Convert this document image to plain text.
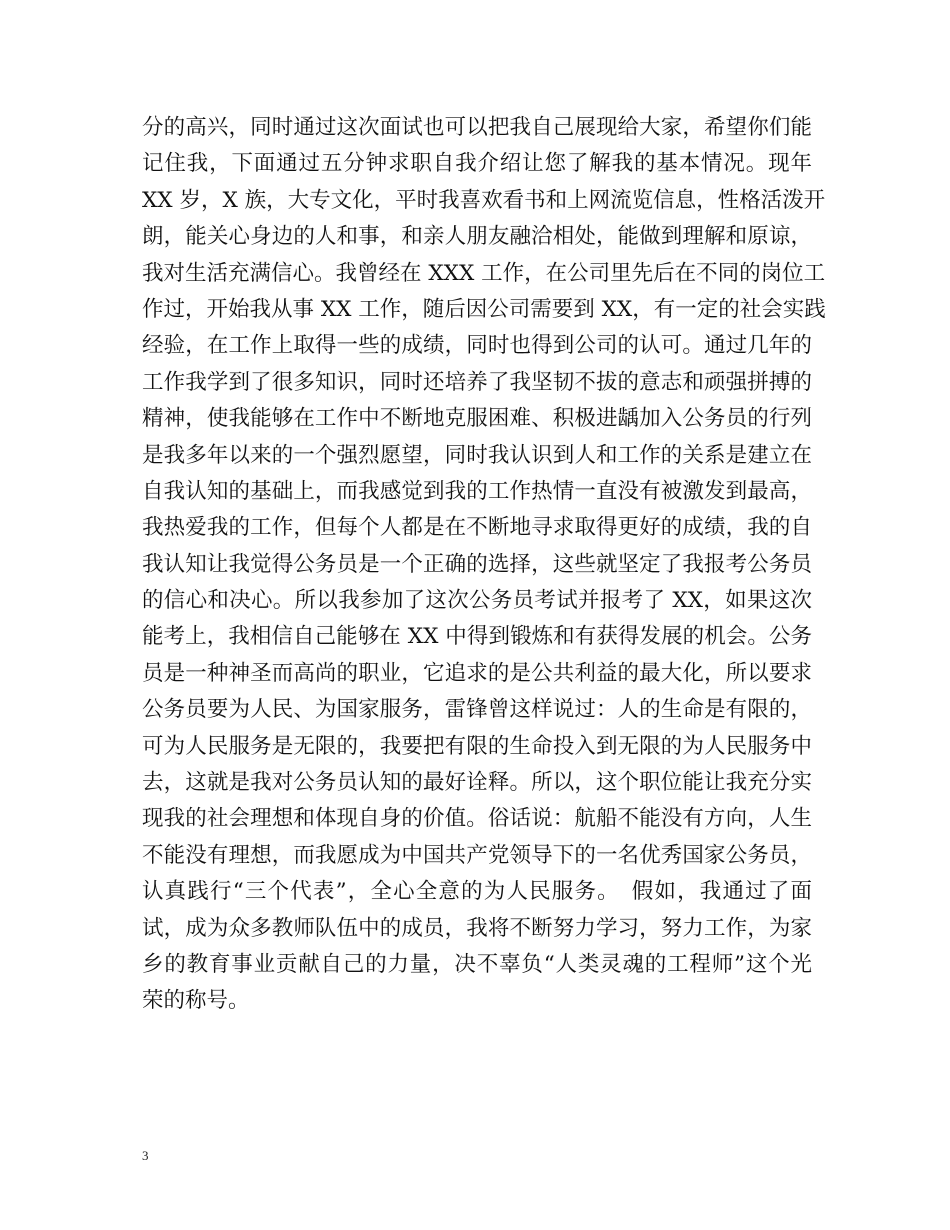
分的高兴，同时通过这次面试也可以把我自己展现给大家，希望你们能
记住我，下面通过五分钟求职自我介绍让您了解我的基本情况。现年
XX 岁，X 族，大专文化，平时我喜欢看书和上网流览信息，性格活泼开
朗，能关心身边的人和事，和亲人朋友融洽相处，能做到理解和原谅，
我对生活充满信心。我曾经在 XXX 工作，在公司里先后在不同的岗位工
作过，开始我从事 XX 工作，随后因公司需要到 XX，有一定的社会实践
经验，在工作上取得一些的成绩，同时也得到公司的认可。通过几年的
工作我学到了很多知识，同时还培养了我坚韧不拔的意志和顽强拼搏的
精神，使我能够在工作中不断地克服困难、积极进龋加入公务员的行列
是我多年以来的一个强烈愿望，同时我认识到人和工作的关系是建立在
自我认知的基础上，而我感觉到我的工作热情一直没有被激发到最高，
我热爱我的工作，但每个人都是在不断地寻求取得更好的成绩，我的自
我认知让我觉得公务员是一个正确的选择，这些就坚定了我报考公务员
的信心和决心。所以我参加了这次公务员考试并报考了 XX，如果这次
能考上，我相信自己能够在 XX 中得到锻炼和有获得发展的机会。公务
员是一种神圣而高尚的职业，它追求的是公共利益的最大化，所以要求
公务员要为人民、为国家服务，雷锋曾这样说过：人的生命是有限的，
可为人民服务是无限的，我要把有限的生命投入到无限的为人民服务中
去，这就是我对公务员认知的最好诠释。所以，这个职位能让我充分实
现我的社会理想和体现自身的价值。俗话说：航船不能没有方向，人生
不能没有理想，而我愿成为中国共产党领导下的一名优秀国家公务员，
认真践行“三个代表”，全心全意的为人民服务。　假如，我通过了面
试，成为众多教师队伍中的成员，我将不断努力学习，努力工作，为家
乡的教育事业贡献自己的力量，决不辜负“人类灵魂的工程师”这个光
荣的称号。
3
